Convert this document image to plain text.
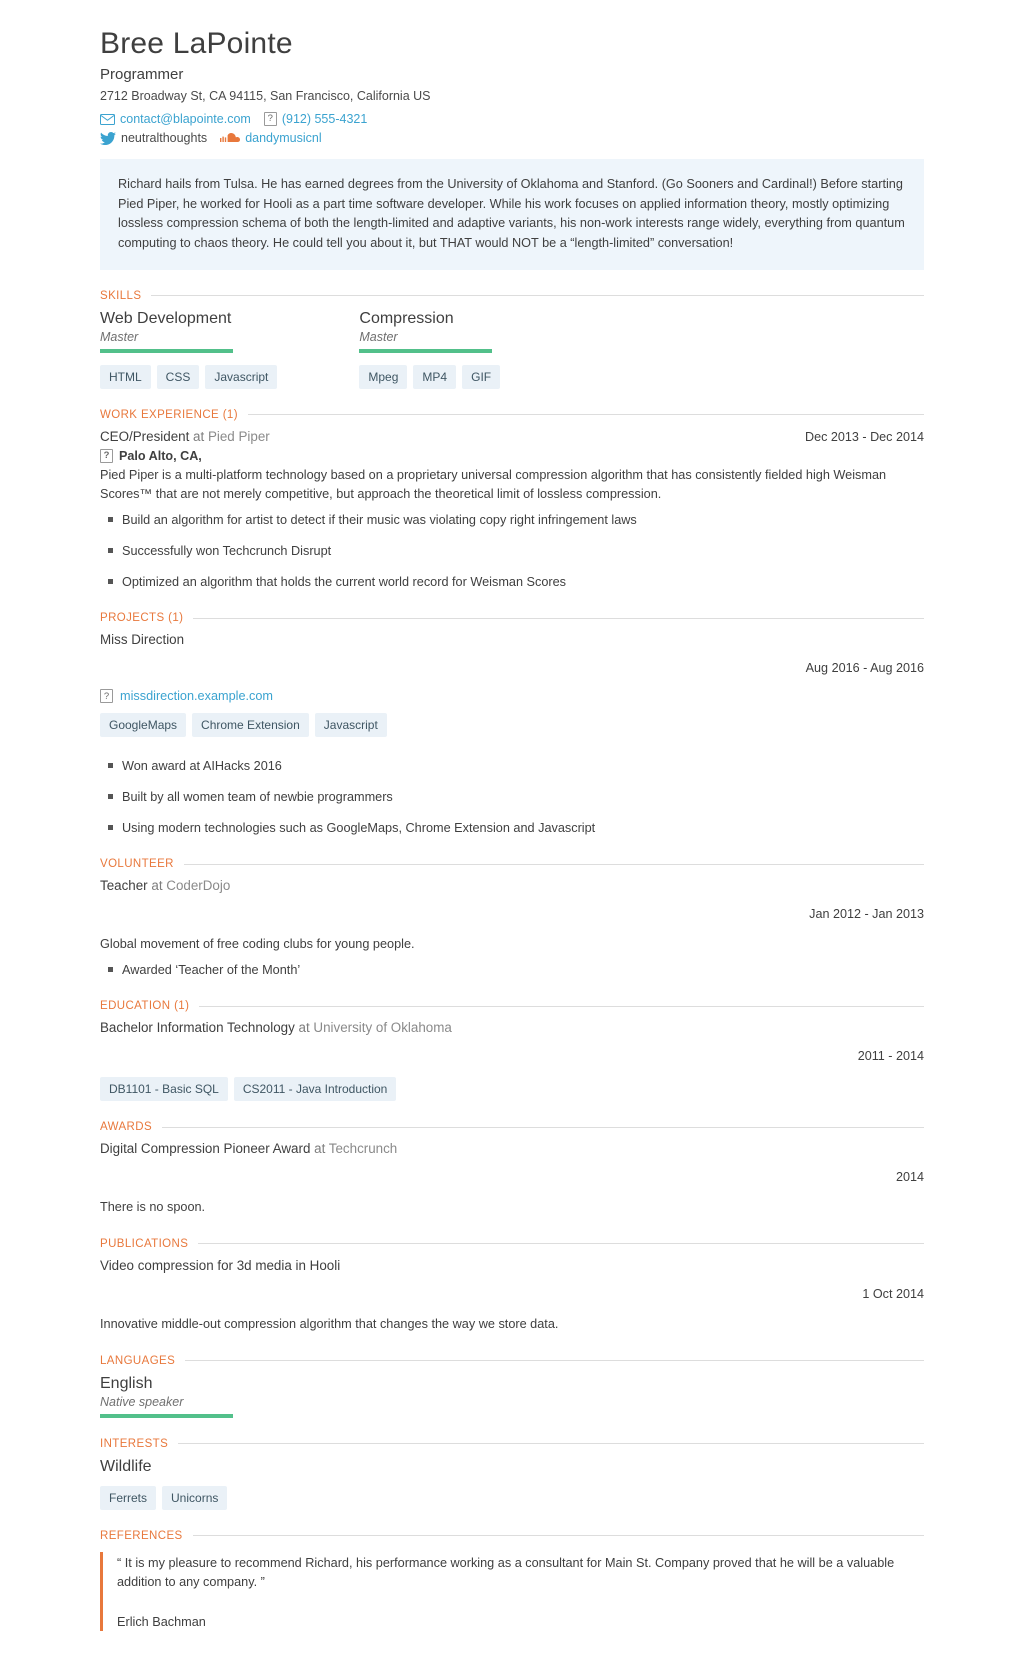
Bree LaPointe
Programmer
2712 Broadway St, CA 94115, San Francisco, California US
contact@blapointe.com	? (912) 555-4321
neutralthoughts	dandymusicnl
Richard hails from Tulsa. He has earned degrees from the University of Oklahoma and Stanford. (Go Sooners and Cardinal!) Before starting Pied Piper, he worked for Hooli as a part time software developer. While his work focuses on applied information theory, mostly optimizing lossless compression schema of both the length-limited and adaptive variants, his non-work interests range widely, everything from quantum computing to chaos theory. He could tell you about it, but THAT would NOT be a “length-limited” conversation!
SKILLS
Web Development
Master
HTML	CSS	Javascript
Compression
Master
Mpeg	MP4	GIF
WORK EXPERIENCE (1)
CEO/President at Pied Piper	Dec 2013 - Dec 2014
? Palo Alto, CA,
Pied Piper is a multi-platform technology based on a proprietary universal compression algorithm that has consistently fielded high Weisman Scores™ that are not merely competitive, but approach the theoretical limit of lossless compression.
Build an algorithm for artist to detect if their music was violating copy right infringement laws
Successfully won Techcrunch Disrupt
Optimized an algorithm that holds the current world record for Weisman Scores
PROJECTS (1)
Miss Direction
Aug 2016 - Aug 2016
? missdirection.example.com
GoogleMaps	Chrome Extension	Javascript
Won award at AIHacks 2016
Built by all women team of newbie programmers
Using modern technologies such as GoogleMaps, Chrome Extension and Javascript
VOLUNTEER
Teacher at CoderDojo
Jan 2012 - Jan 2013
Global movement of free coding clubs for young people.
Awarded ‘Teacher of the Month’
EDUCATION (1)
Bachelor Information Technology at University of Oklahoma
2011 - 2014
DB1101 - Basic SQL	CS2011 - Java Introduction
AWARDS
Digital Compression Pioneer Award at Techcrunch
2014
There is no spoon.
PUBLICATIONS
Video compression for 3d media in Hooli
1 Oct 2014
Innovative middle-out compression algorithm that changes the way we store data.
LANGUAGES
English
Native speaker
INTERESTS
Wildlife
Ferrets	Unicorns
REFERENCES
“ It is my pleasure to recommend Richard, his performance working as a consultant for Main St. Company proved that he will be a valuable addition to any company. ”
Erlich Bachman
